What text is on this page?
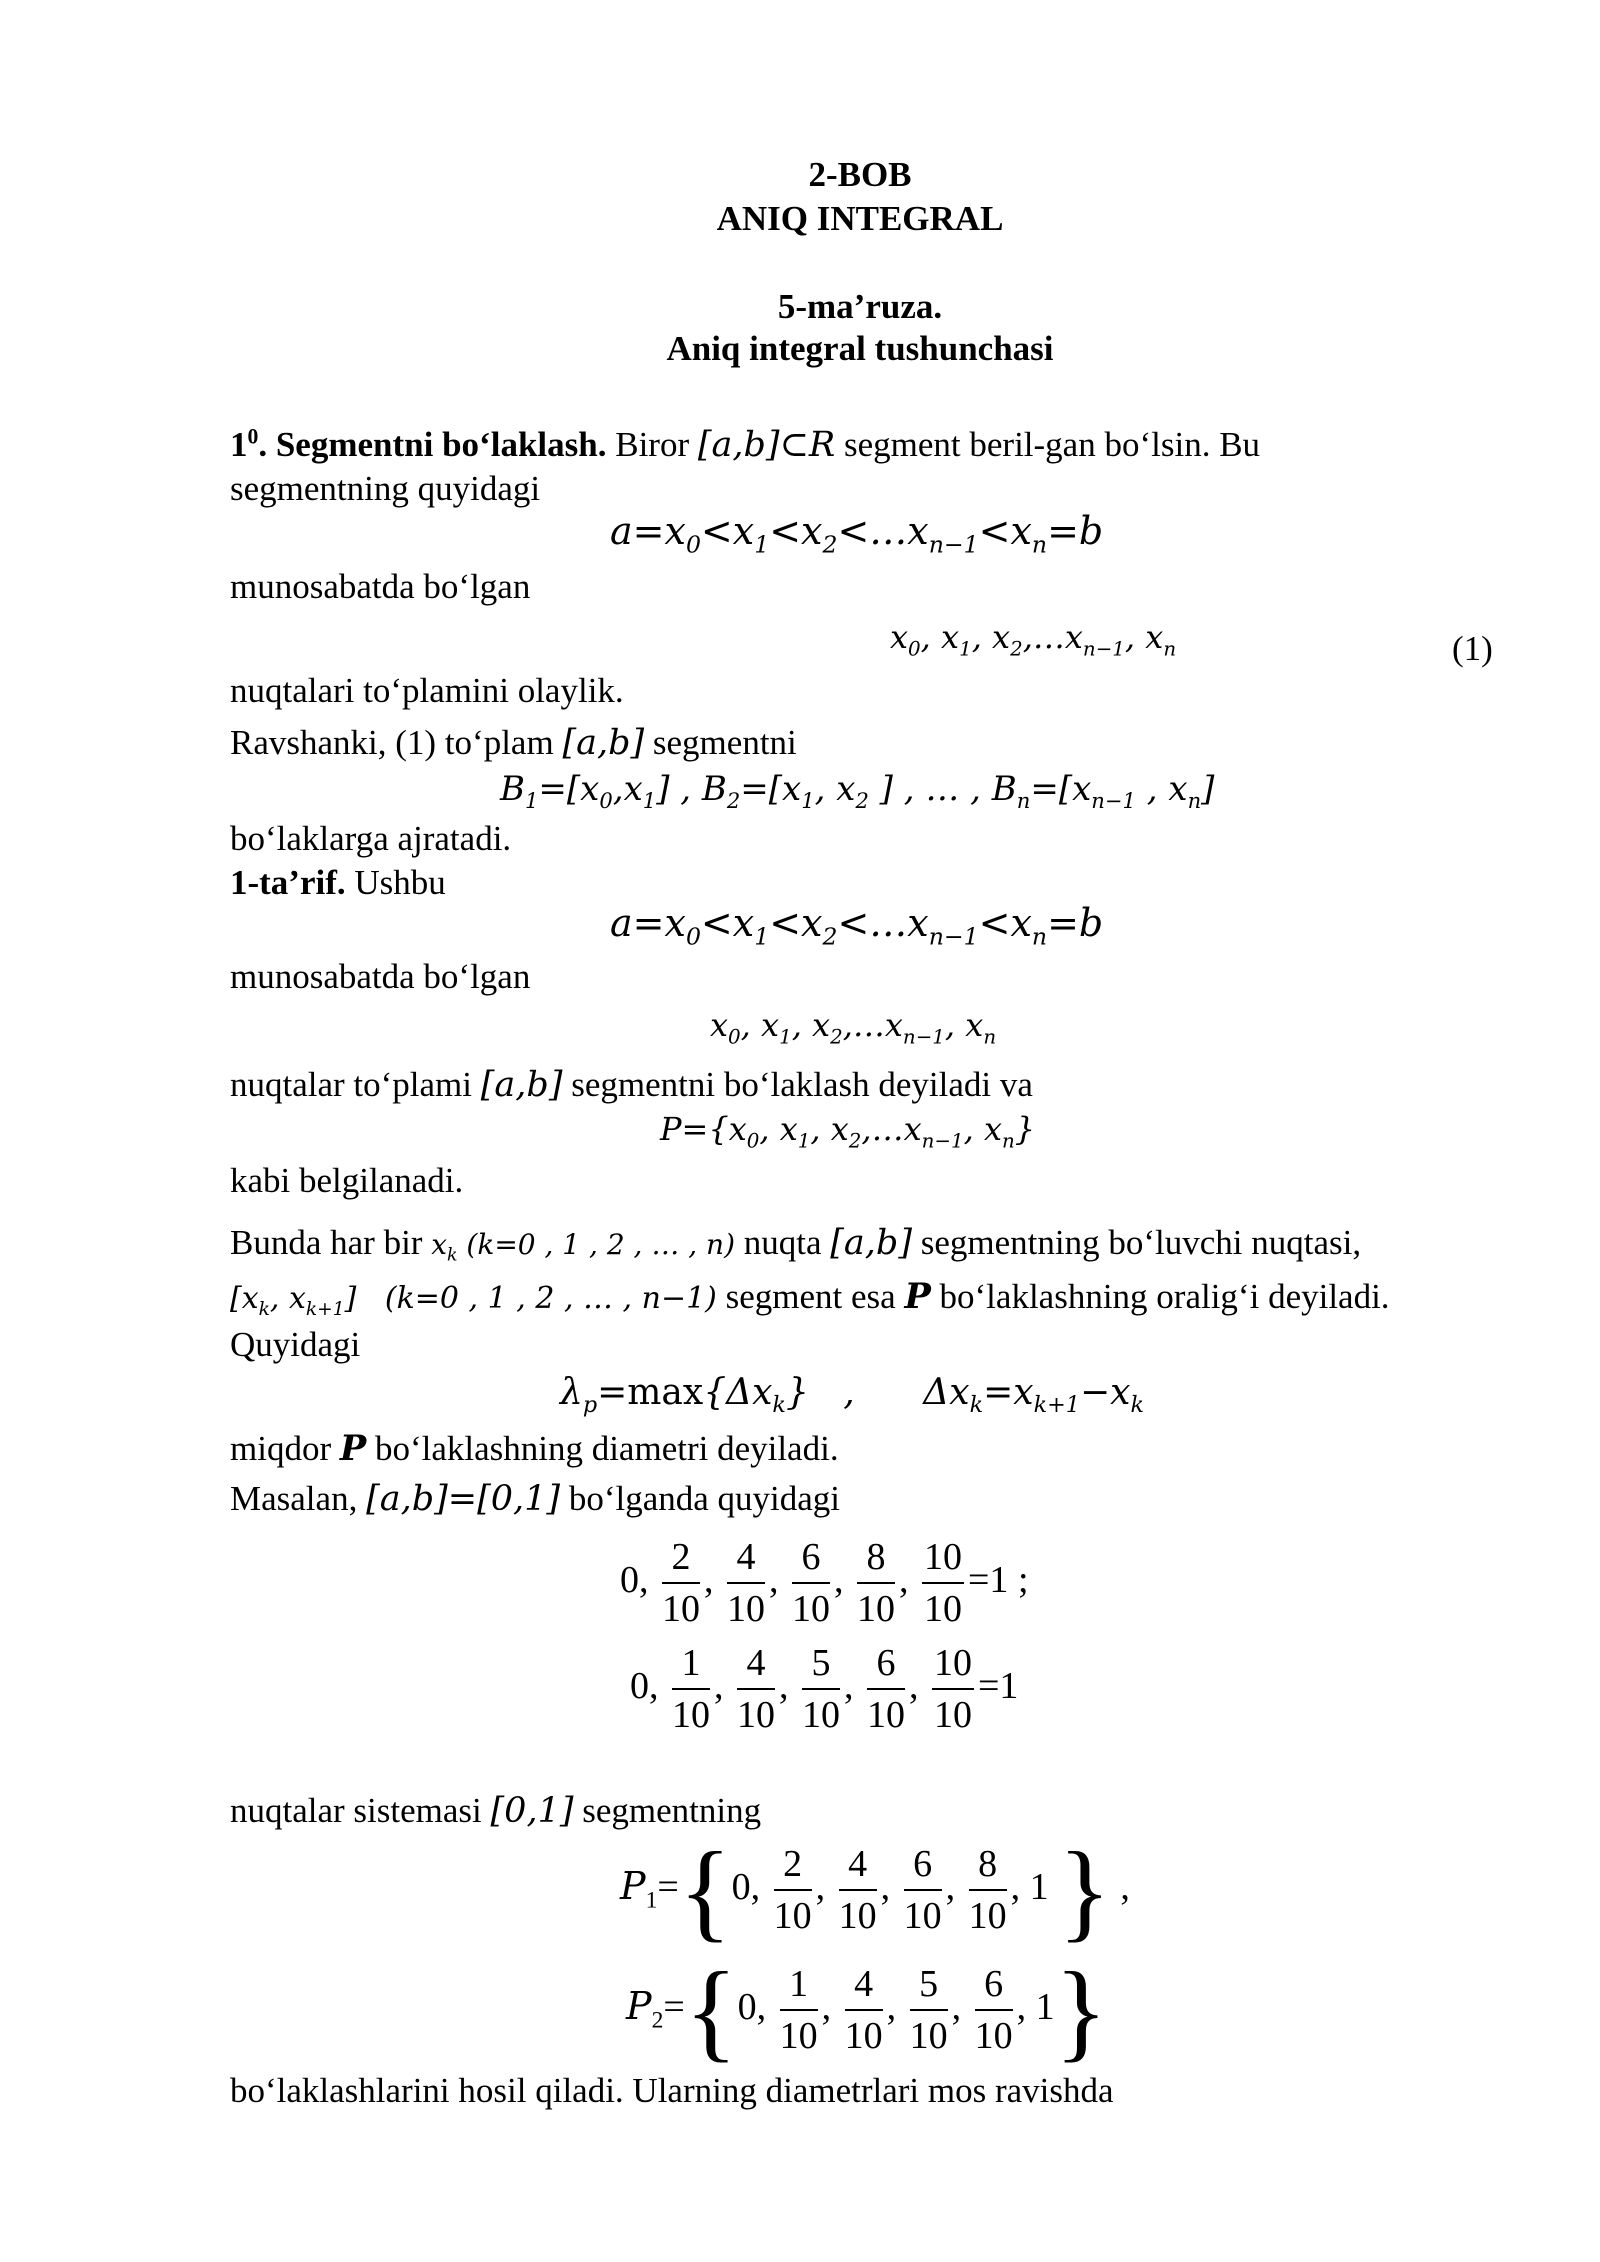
2-BOB
ANIQ INTEGRAL
5-ma’ruza.
Aniq integral tushunchasi
$1^0$. Segmentni bo‘laklash. Biror [a,b]⊂R segment beril-gan bo‘lsin. Bu
segmentning quyidagi
$a=x_0<x_1<x_2<\dots x_{n-1}<x_n=b$
munosabatda bo‘lgan
$x_0$, $x_1$, $x_2,\dots x_{n-1}$, $x_n$	(1)
nuqtalari to‘plamini olaylik.
Ravshanki, (1) to‘plam [a,b] segmentni
$B_1=[x_0,x_1]$ , $B_2=[x_1$, $x_2$ ] , … , $B_n=[x_{n-1}$ , $x_n$]
bo‘laklarga ajratadi.
1-ta’rif. Ushbu
$a=x_0<x_1<x_2<\dots x_{n-1}<x_n=b$
munosabatda bo‘lgan
$x_0$, $x_1$, $x_2,\dots x_{n-1}$, $x_n$
nuqtalar to‘plami [a,b] segmentni bo‘laklash deyiladi va
$P=\{x_0$, $x_1$, $x_2,\dots x_{n-1}$, $x_n$}
kabi belgilanadi.
Bunda har bir $x_k$ (k=0 , 1 , 2 , … , n) nuqta [a,b] segmentning bo‘luvchi nuqtasi,
[$x_k$, $x_{k+1}$]   (k=0 , 1 , 2 , … , n−1) segment esa P bo‘laklashning oralig‘i deyiladi.
Quyidagi
$\lambda_p=\max\{\Delta x_k\}$   ,      $\Delta x_k=x_{k+1}-x_k$
miqdor P bo‘laklashning diametri deyiladi.
Masalan, [a,b]=[0,1] bo‘lganda quyidagi
0, $\frac{2}{10}$ , $\frac{4}{10}$ , $\frac{6}{10}$ , $\frac{8}{10}$ , $\frac{10}{10} =1$ ;
0, $\frac{1}{10}$ , $\frac{4}{10}$ , $\frac{5}{10}$ , $\frac{6}{10}$ , $\frac{10}{10} =1$
nuqtalar sistemasi [0,1] segmentning
$P_1=\{0$, $\frac{2}{10}$ , $\frac{4}{10}$ , $\frac{6}{10}$ , $\frac{8}{10}$ , 1 } ,
$P_2=\{0$, $\frac{1}{10}$ , $\frac{4}{10}$ , $\frac{5}{10}$ , $\frac{6}{10}$ , 1}
bo‘laklashlarini hosil qiladi. Ularning diametrlari mos ravishda
